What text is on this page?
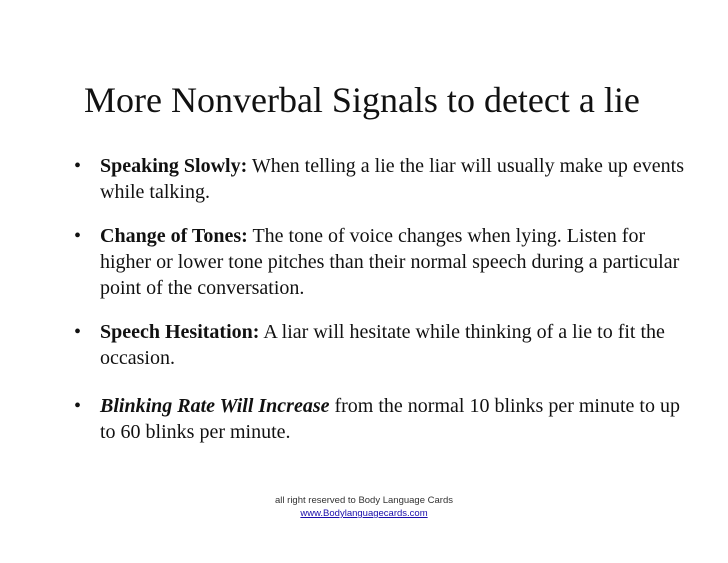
More Nonverbal Signals to detect a lie
• Speaking Slowly: When telling a lie the liar will usually make up events while talking.
• Change of Tones: The tone of voice changes when lying. Listen for higher or lower tone pitches than their normal speech during a particular point of the conversation.
• Speech Hesitation: A liar will hesitate while thinking of a lie to fit the occasion.
• Blinking Rate Will Increase from the normal 10 blinks per minute to up to 60 blinks per minute.
all right reserved to Body Language Cards
www.Bodylanguagecards.com
